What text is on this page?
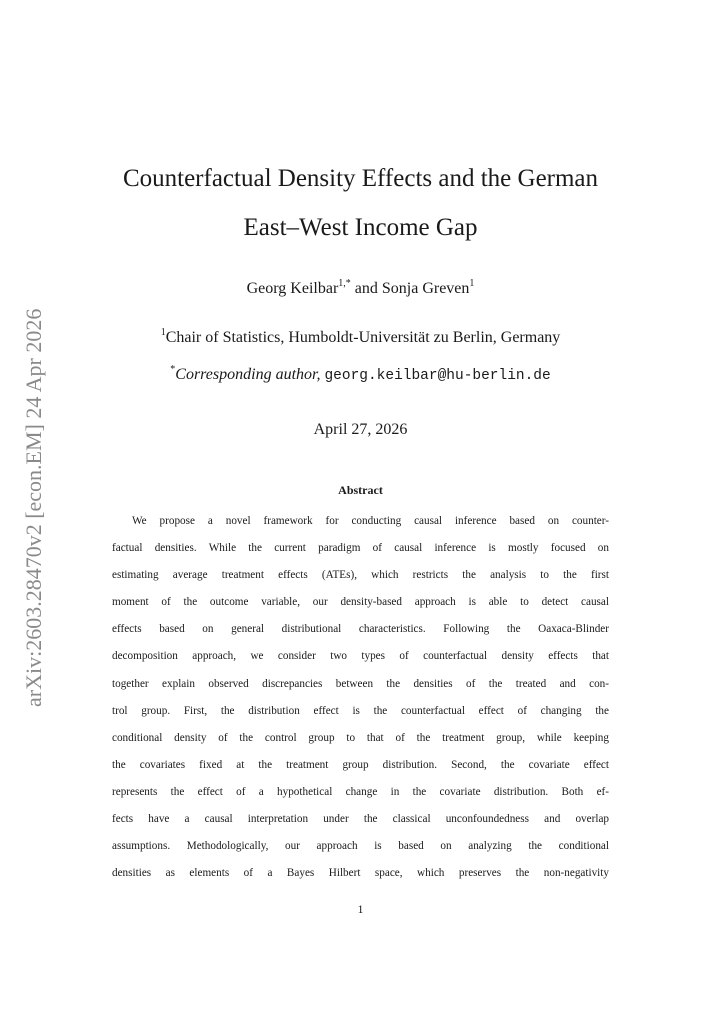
arXiv:2603.28470v2 [econ.EM] 24 Apr 2026
Counterfactual Density Effects and the German
East–West Income Gap
Georg Keilbar$^{1,*}$ and Sonja Greven$^1$
$^1$Chair of Statistics, Humboldt-Universität zu Berlin, Germany
*Corresponding author, georg.keilbar@hu-berlin.de
April 27, 2026
Abstract
We propose a novel framework for conducting causal inference based on counter-
factual densities. While the current paradigm of causal inference is mostly focused on
estimating average treatment effects (ATEs), which restricts the analysis to the first
moment of the outcome variable, our density-based approach is able to detect causal
effects based on general distributional characteristics. Following the Oaxaca-Blinder
decomposition approach, we consider two types of counterfactual density effects that
together explain observed discrepancies between the densities of the treated and con-
trol group. First, the distribution effect is the counterfactual effect of changing the
conditional density of the control group to that of the treatment group, while keeping
the covariates fixed at the treatment group distribution. Second, the covariate effect
represents the effect of a hypothetical change in the covariate distribution. Both ef-
fects have a causal interpretation under the classical unconfoundedness and overlap
assumptions. Methodologically, our approach is based on analyzing the conditional
densities as elements of a Bayes Hilbert space, which preserves the non-negativity
1
